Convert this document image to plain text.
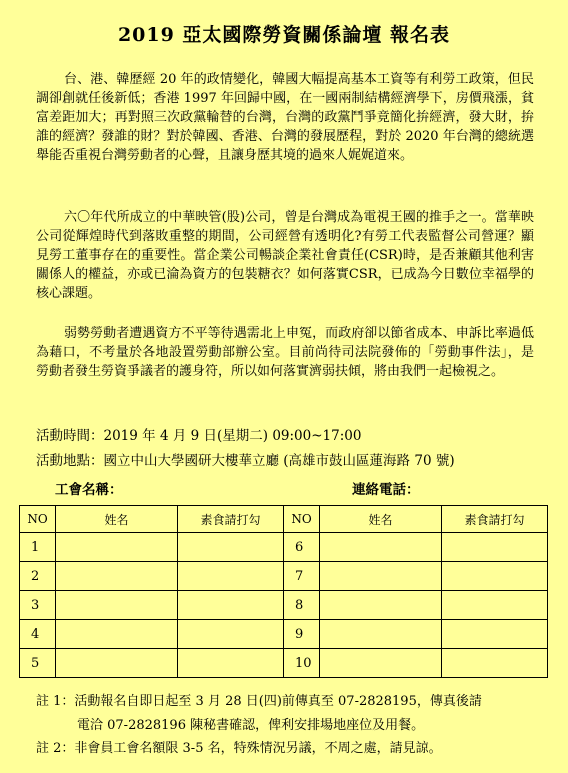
2019 亞太國際勞資關係論壇 報名表

台、港、韓歷經 20 年的政情變化，韓國大幅提高基本工資等有利勞工政策，但民調卻創就任後新低；香港 1997 年回歸中國，在一國兩制結構經濟學下，房價飛漲，貧富差距加大；再對照三次政黨輪替的台灣，台灣的政黨鬥爭竟簡化拚經濟，發大財，拚誰的經濟？發誰的財？對於韓國、香港、台灣的發展歷程，對於 2020 年台灣的總統選舉能否重視台灣勞動者的心聲，且讓身歷其境的過來人娓娓道來。

六〇年代所成立的中華映管(股)公司，曾是台灣成為電視王國的推手之一。當華映公司從輝煌時代到落敗重整的期間，公司經營有透明化?有勞工代表監督公司營運？顯見勞工董事存在的重要性。當企業公司暢談企業社會責任(CSR)時，是否兼顧其他利害關係人的權益，亦或已淪為資方的包裝糖衣？如何落實CSR，已成為今日數位幸福學的核心課題。

弱勢勞動者遭遇資方不平等待遇需北上申冤，而政府卻以節省成本、申訴比率過低為藉口，不考量於各地設置勞動部辦公室。目前尚待司法院發佈的「勞動事件法」，是勞動者發生勞資爭議者的護身符，所以如何落實濟弱扶傾，將由我們一起檢視之。

活動時間：2019 年 4 月 9 日(星期二) 09:00~17:00
活動地點：國立中山大學國研大樓華立廳 (高雄市鼓山區蓮海路 70 號)
工會名稱：	連絡電話：
NO	姓名	素食請打勾	NO	姓名	素食請打勾
1			6		
2			7		
3			8		
4			9		
5			10		
註 1：活動報名自即日起至 3 月 28 日(四)前傳真至 07-2828195，傳真後請
電洽 07-2828196 陳秘書確認，俾利安排場地座位及用餐。
註 2：非會員工會名額限 3-5 名，特殊情況另議，不周之處，請見諒。
